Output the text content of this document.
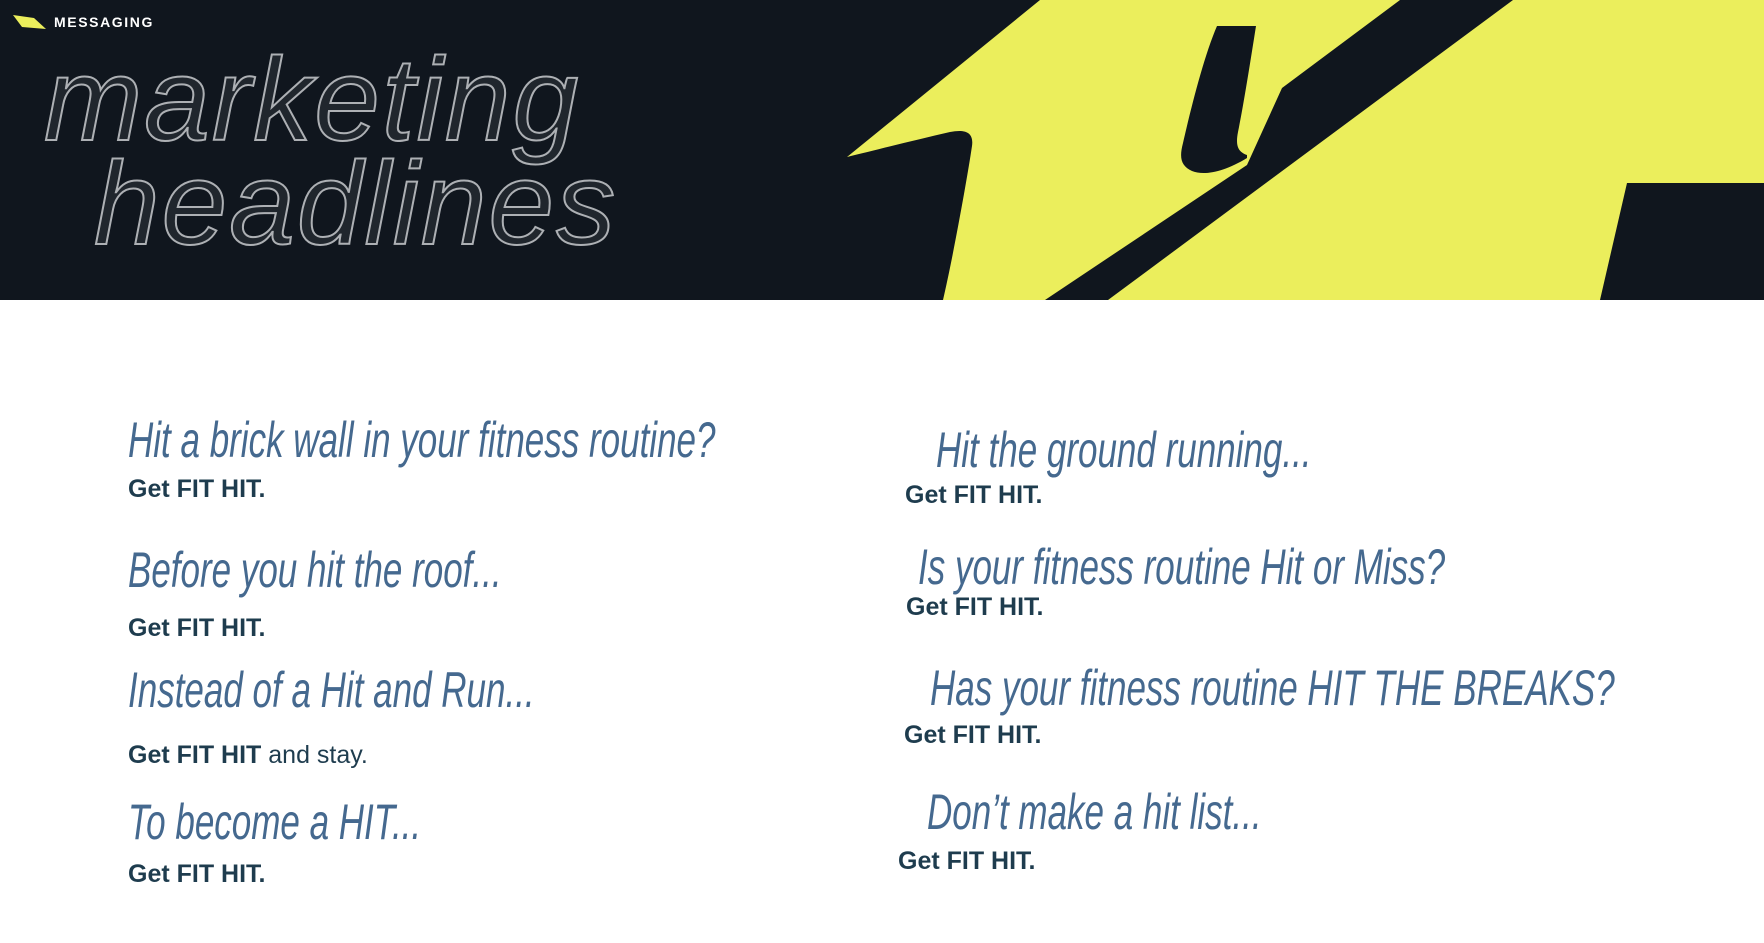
MESSAGING
marketing
headlines
Hit a brick wall in your fitness routine?
Get FIT HIT.
Before you hit the roof...
Get FIT HIT.
Instead of a Hit and Run...
Get FIT HIT and stay.
To become a HIT...
Get FIT HIT.
Hit the ground running...
Get FIT HIT.
Is your fitness routine Hit or Miss?
Get FIT HIT.
Has your fitness routine HIT THE BREAKS?
Get FIT HIT.
Don’t make a hit list...
Get FIT HIT.
